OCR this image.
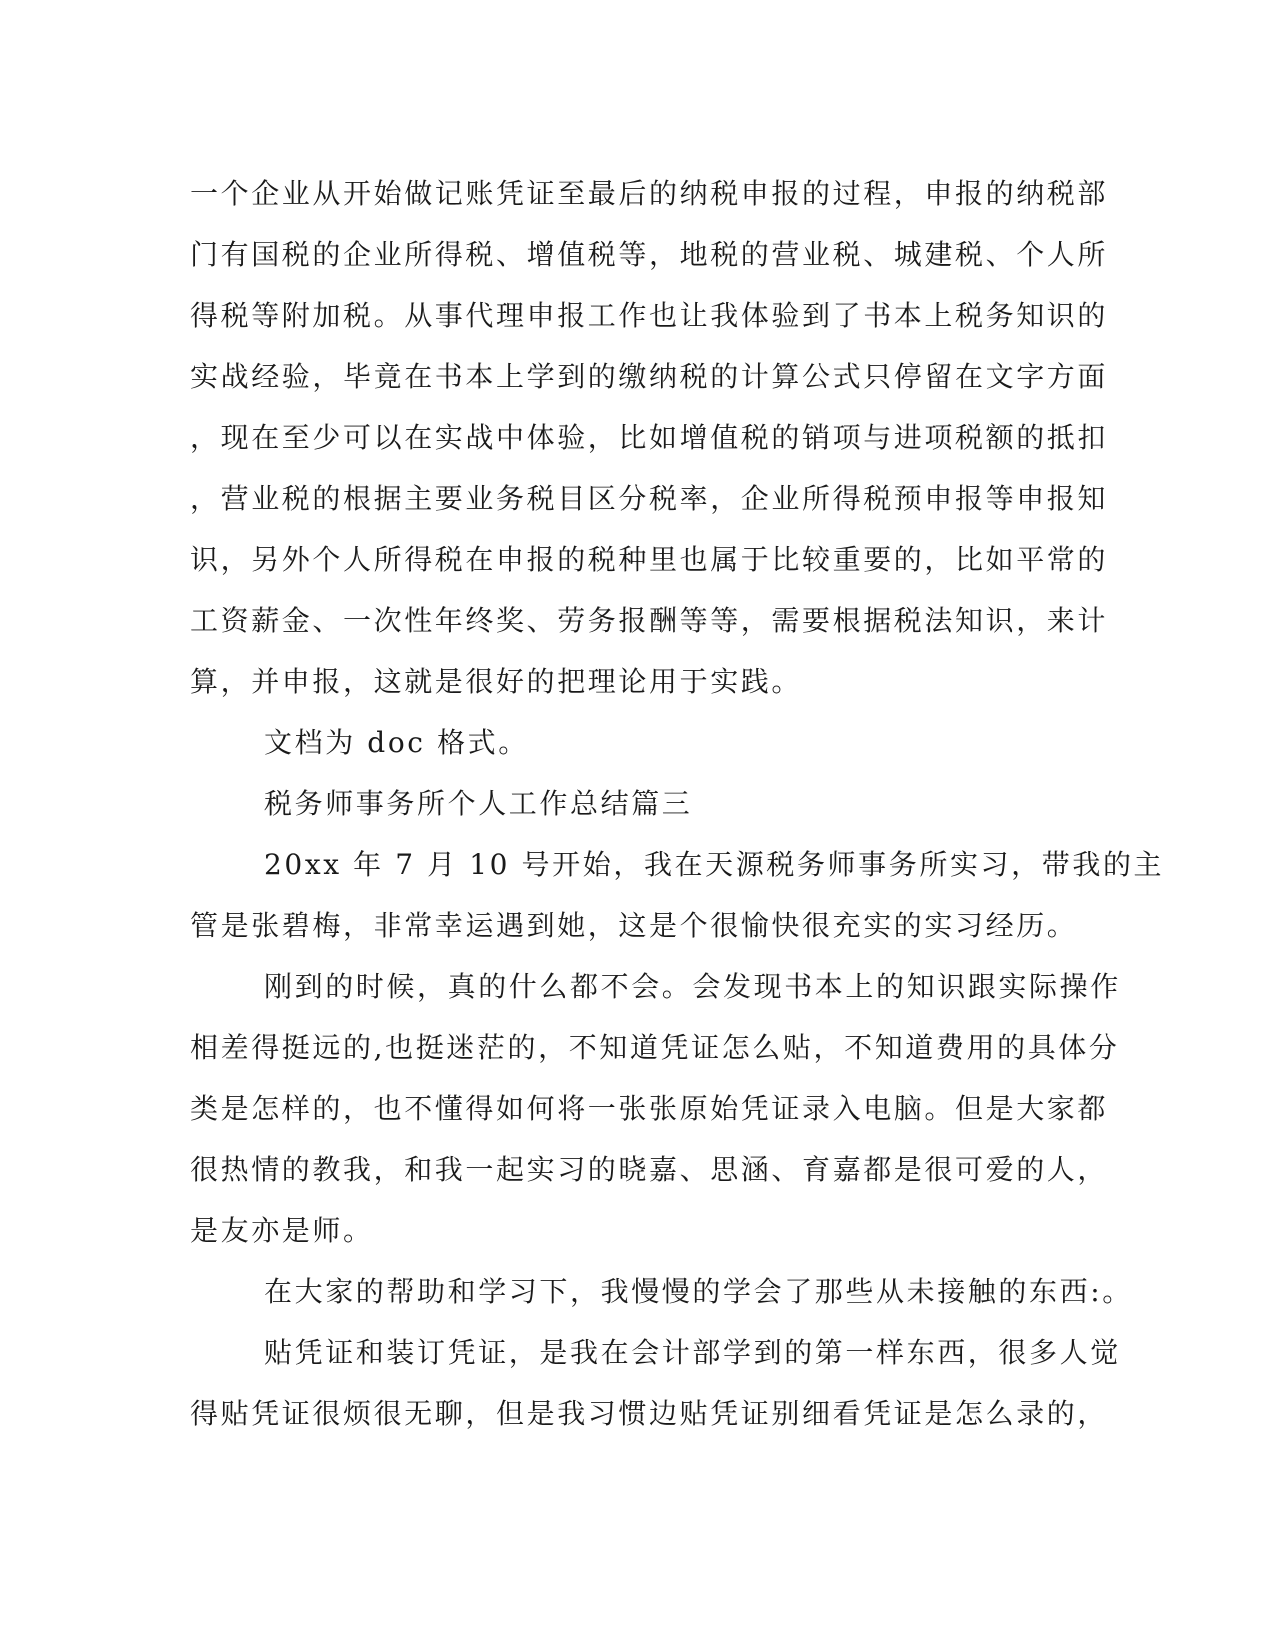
一个企业从开始做记账凭证至最后的纳税申报的过程，申报的纳税部
门有国税的企业所得税、增值税等，地税的营业税、城建税、个人所
得税等附加税。从事代理申报工作也让我体验到了书本上税务知识的
实战经验，毕竟在书本上学到的缴纳税的计算公式只停留在文字方面
，现在至少可以在实战中体验，比如增值税的销项与进项税额的抵扣
，营业税的根据主要业务税目区分税率，企业所得税预申报等申报知
识，另外个人所得税在申报的税种里也属于比较重要的，比如平常的
工资薪金、一次性年终奖、劳务报酬等等，需要根据税法知识，来计
算，并申报，这就是很好的把理论用于实践。
文档为 doc 格式。
税务师事务所个人工作总结篇三
20xx 年 7 月 10 号开始，我在天源税务师事务所实习，带我的主
管是张碧梅，非常幸运遇到她，这是个很愉快很充实的实习经历。
刚到的时候，真的什么都不会。会发现书本上的知识跟实际操作
相差得挺远的,也挺迷茫的，不知道凭证怎么贴，不知道费用的具体分
类是怎样的，也不懂得如何将一张张原始凭证录入电脑。但是大家都
很热情的教我，和我一起实习的晓嘉、思涵、育嘉都是很可爱的人，
是友亦是师。
在大家的帮助和学习下，我慢慢的学会了那些从未接触的东西:。
贴凭证和装订凭证，是我在会计部学到的第一样东西，很多人觉
得贴凭证很烦很无聊，但是我习惯边贴凭证别细看凭证是怎么录的，
